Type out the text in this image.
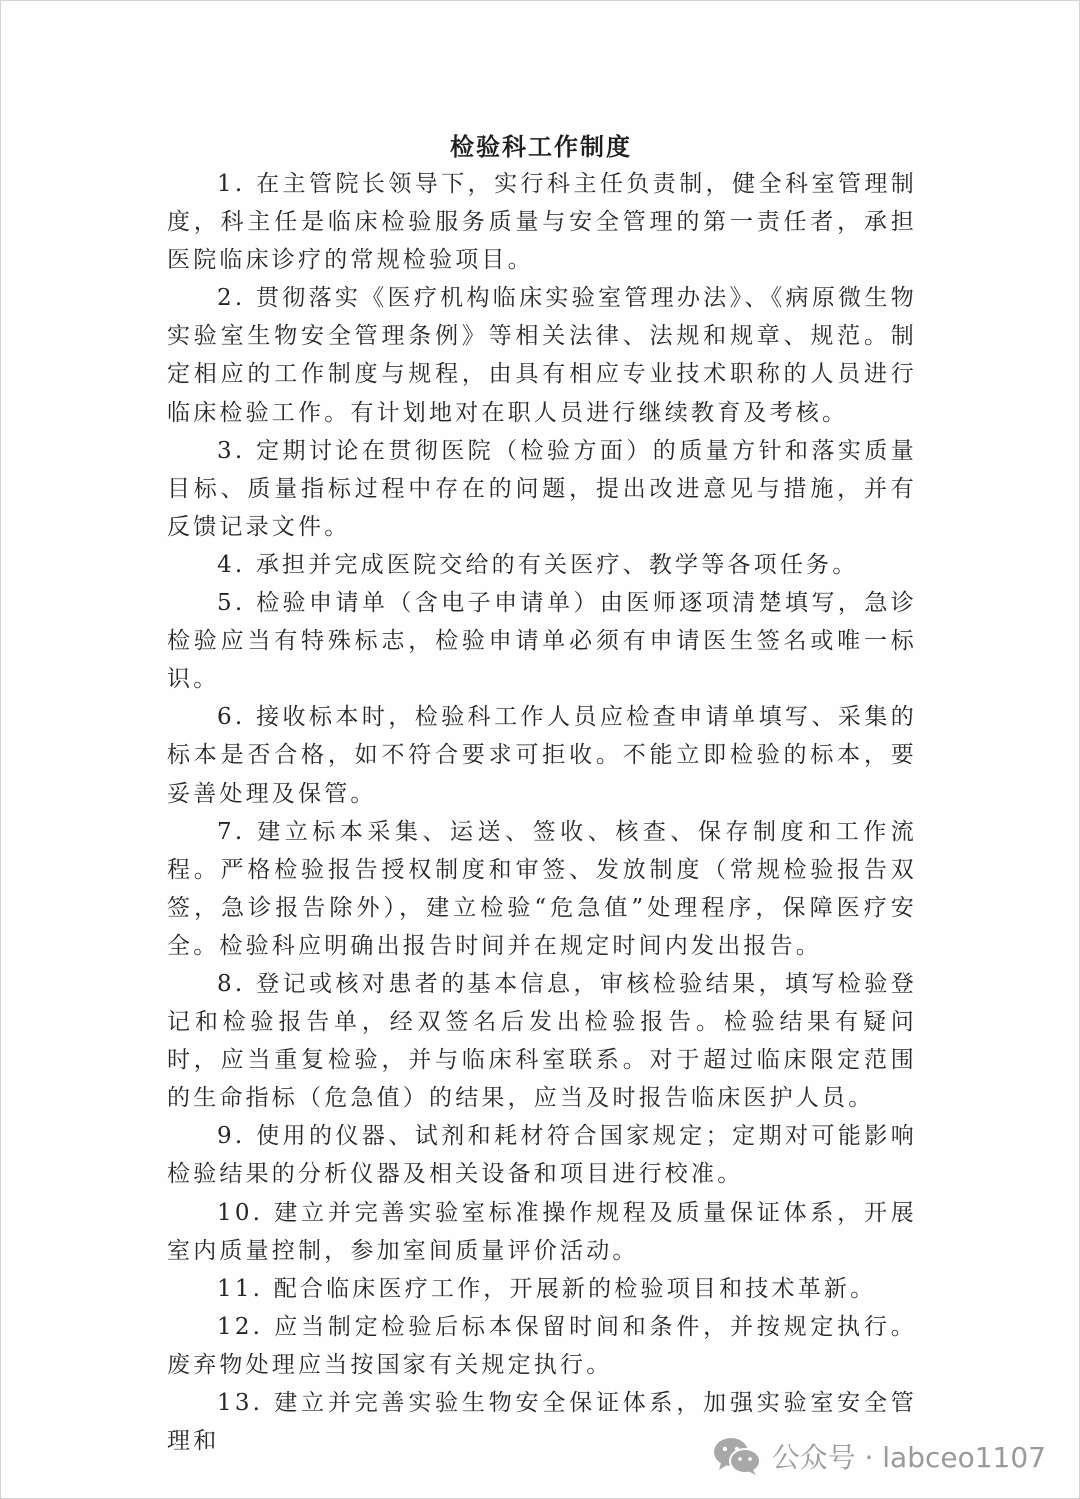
检验科工作制度

1. 在主管院长领导下，实行科主任负责制，健全科室管理制度，科主任是临床检验服务质量与安全管理的第一责任者，承担医院临床诊疗的常规检验项目。

2. 贯彻落实《医疗机构临床实验室管理办法》、《病原微生物实验室生物安全管理条例》等相关法律、法规和规章、规范。制定相应的工作制度与规程，由具有相应专业技术职称的人员进行临床检验工作。有计划地对在职人员进行继续教育及考核。

3. 定期讨论在贯彻医院（检验方面）的质量方针和落实质量目标、质量指标过程中存在的问题，提出改进意见与措施，并有反馈记录文件。

4. 承担并完成医院交给的有关医疗、教学等各项任务。

5. 检验申请单（含电子申请单）由医师逐项清楚填写，急诊检验应当有特殊标志，检验申请单必须有申请医生签名或唯一标识。

6. 接收标本时，检验科工作人员应检查申请单填写、采集的标本是否合格，如不符合要求可拒收。不能立即检验的标本，要妥善处理及保管。

7. 建立标本采集、运送、签收、核查、保存制度和工作流程。严格检验报告授权制度和审签、发放制度（常规检验报告双签，急诊报告除外），建立检验“危急值”处理程序，保障医疗安全。检验科应明确出报告时间并在规定时间内发出报告。

8. 登记或核对患者的基本信息，审核检验结果，填写检验登记和检验报告单，经双签名后发出检验报告。检验结果有疑问时，应当重复检验，并与临床科室联系。对于超过临床限定范围的生命指标（危急值）的结果，应当及时报告临床医护人员。

9. 使用的仪器、试剂和耗材符合国家规定；定期对可能影响检验结果的分析仪器及相关设备和项目进行校准。

10. 建立并完善实验室标准操作规程及质量保证体系，开展室内质量控制，参加室间质量评价活动。

11. 配合临床医疗工作，开展新的检验项目和技术革新。

12. 应当制定检验后标本保留时间和条件，并按规定执行。废弃物处理应当按国家有关规定执行。

13. 建立并完善实验生物安全保证体系，加强实验室安全管理和	公众号 · labceo1107
